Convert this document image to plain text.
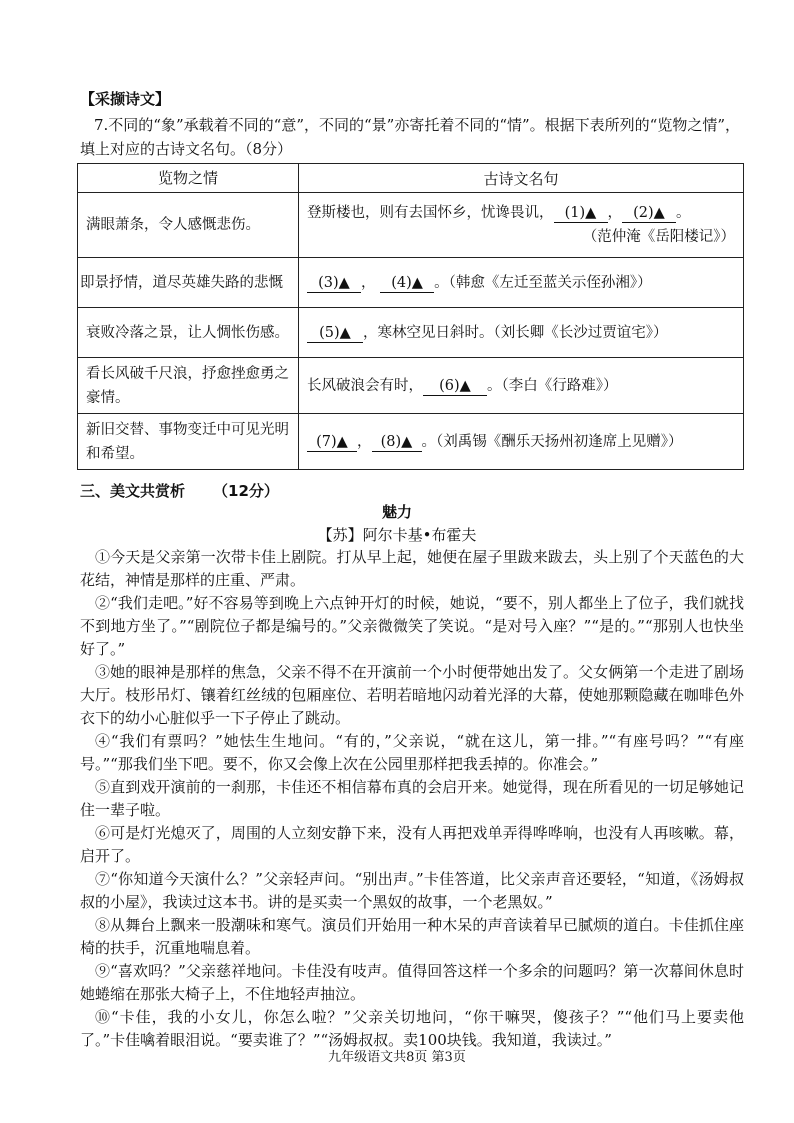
【采撷诗文】
7.不同的“象”承载着不同的“意”，不同的“景”亦寄托着不同的“情”。根据下表所列的“览物之情”，填上对应的古诗文名句。（8分）
览物之情	古诗文名句
满眼萧条，令人感慨悲伤。	登斯楼也，则有去国怀乡，忧谗畏讥， (1)▲ ， (2)▲ 。
（范仲淹《岳阳楼记》）

即景抒情，道尽英雄失路的悲慨	(3)▲ ， (4)▲ 。（韩愈《左迁至蓝关示侄孙湘》）
衰败冷落之景，让人惆怅伤感。	(5)▲ ，寒林空见日斜时。（刘长卿《长沙过贾谊宅》）
看长风破千尺浪，抒愈挫愈勇之豪情。	长风破浪会有时， (6)▲ 。（李白《行路难》）
新旧交替、事物变迁中可见光明和希望。	(7)▲ ， (8)▲ 。（刘禹锡《酬乐天扬州初逢席上见赠》）
三、美文共赏析 （12分）
魅力
【苏】阿尔卡基•布霍夫

①今天是父亲第一次带卡佳上剧院。打从早上起，她便在屋子里跋来跋去，头上别了个天蓝色的大花结，神情是那样的庄重、严肃。

②“我们走吧。”好不容易等到晚上六点钟开灯的时候，她说，“要不，别人都坐上了位子，我们就找不到地方坐了。”“剧院位子都是编号的。”父亲微微笑了笑说。“是对号入座？”“是的。”“那别人也快坐好了。”

③她的眼神是那样的焦急，父亲不得不在开演前一个小时便带她出发了。父女俩第一个走进了剧场大厅。枝形吊灯、镶着红丝绒的包厢座位、若明若暗地闪动着光泽的大幕，使她那颗隐藏在咖啡色外衣下的幼小心脏似乎一下子停止了跳动。

④“我们有票吗？”她怯生生地问。“有的，”父亲说，“就在这儿，第一排。”“有座号吗？”“有座号。”“那我们坐下吧。要不，你又会像上次在公园里那样把我丢掉的。你准会。”

⑤直到戏开演前的一刹那，卡佳还不相信幕布真的会启开来。她觉得，现在所看见的一切足够她记住一辈子啦。

⑥可是灯光熄灭了，周围的人立刻安静下来，没有人再把戏单弄得哗哗响，也没有人再咳嗽。幕，启开了。

⑦“你知道今天演什么？”父亲轻声问。“别出声。”卡佳答道，比父亲声音还要轻，“知道，《汤姆叔叔的小屋》，我读过这本书。讲的是买卖一个黑奴的故事，一个老黑奴。”

⑧从舞台上飘来一股潮味和寒气。演员们开始用一种木呆的声音读着早已腻烦的道白。卡佳抓住座椅的扶手，沉重地喘息着。

⑨“喜欢吗？”父亲慈祥地问。卡佳没有吱声。值得回答这样一个多余的问题吗？第一次幕间休息时她蜷缩在那张大椅子上，不住地轻声抽泣。

⑩“卡佳，我的小女儿，你怎么啦？”父亲关切地问，“你干嘛哭，傻孩子？”“他们马上要卖他了。”卡佳噙着眼泪说。“要卖谁了？”“汤姆叔叔。卖100块钱。我知道，我读过。”

九年级语文共8页 第3页
